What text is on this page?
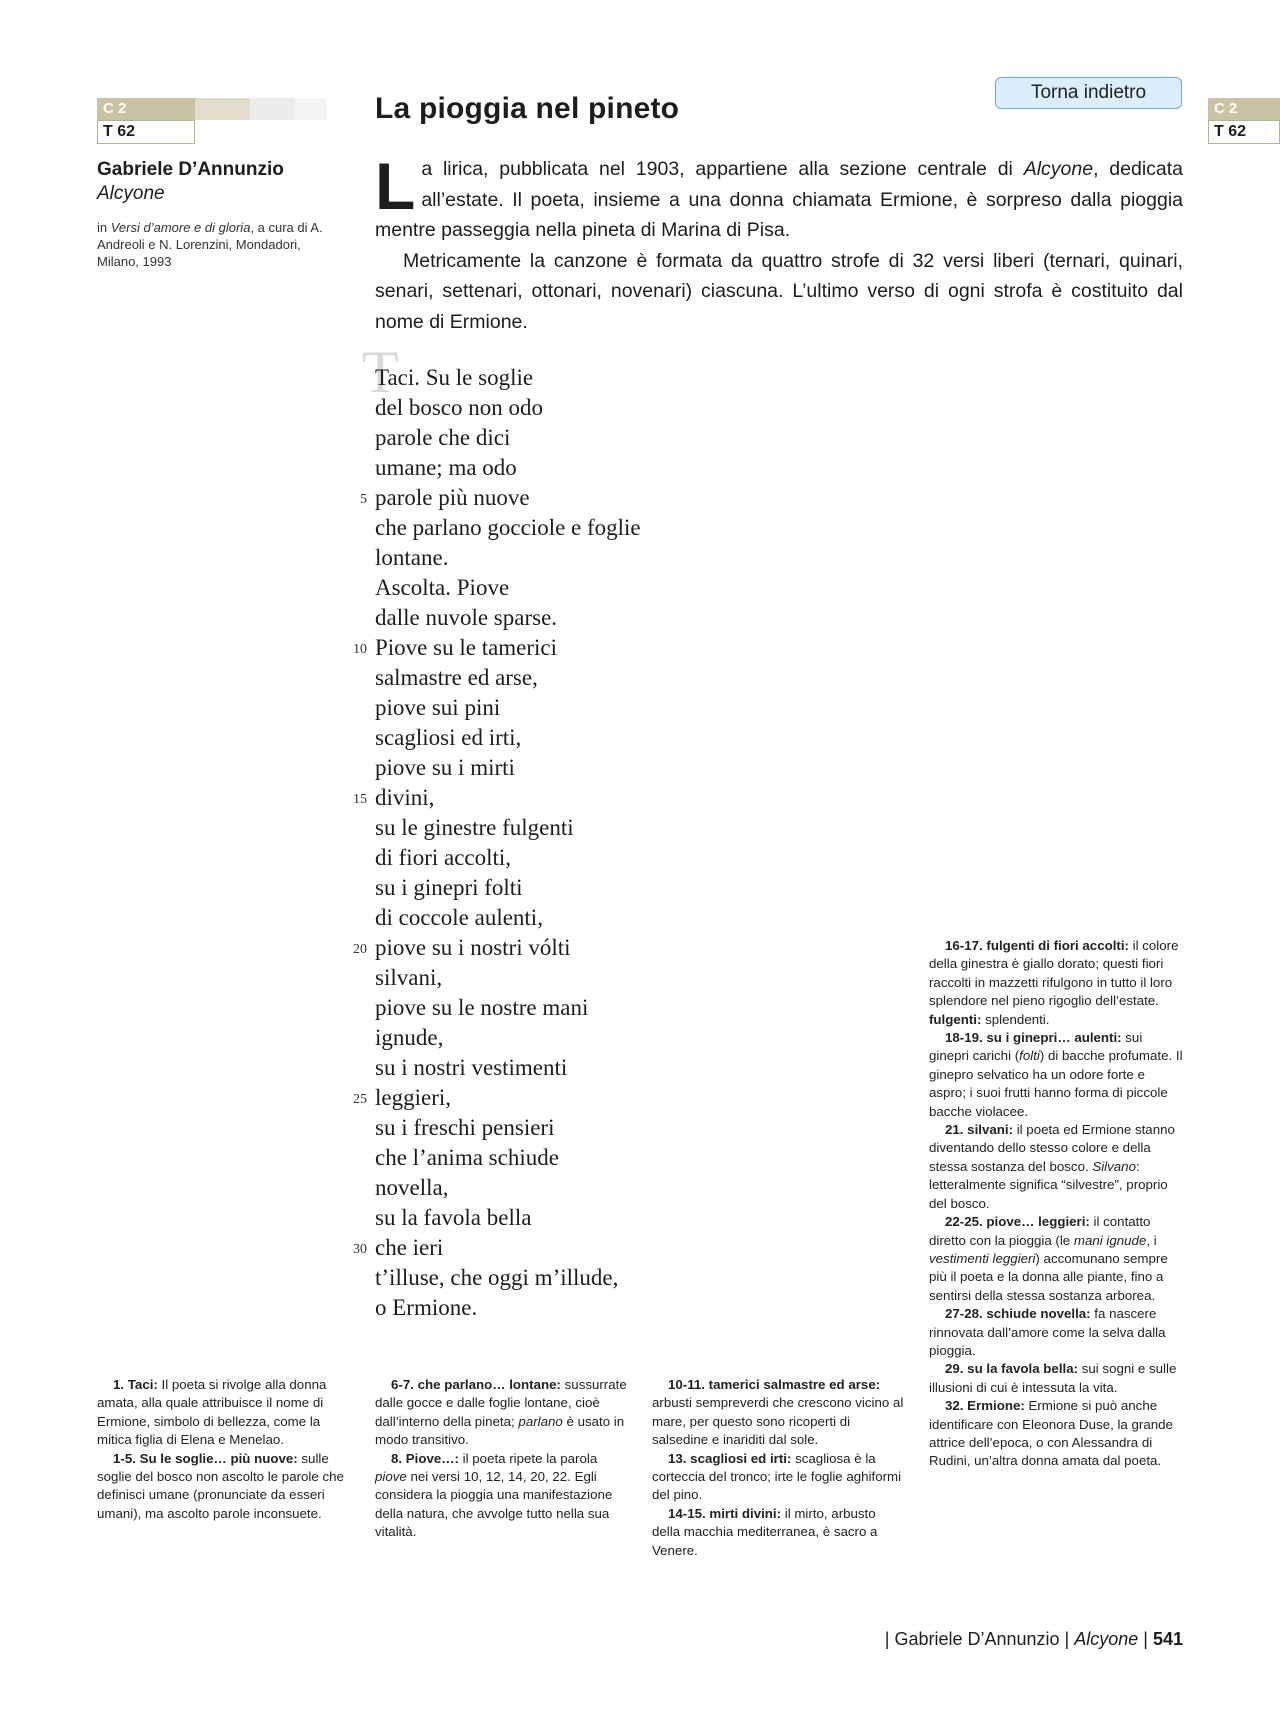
C 2
T 62
C 2
T 62
Gabriele D’Annunzio
Alcyone
in Versi d’amore e di gloria, a cura di A. Andreoli e N. Lorenzini, Mondadori, Milano, 1993
La pioggia nel pineto	Torna indietro

La lirica, pubblicata nel 1903, appartiene alla sezione centrale di Alcyone, dedicata all’estate. Il poeta, insieme a una donna chiamata Ermione, è sorpreso dalla pioggia mentre passeggia nella pineta di Marina di Pisa.

Metricamente la canzone è formata da quattro strofe di 32 versi liberi (ternari, quinari, senari, settenari, ottonari, novenari) ciascuna. L’ultimo verso di ogni strofa è costituito dal nome di Ermione.

T
Taci. Su le soglie
del bosco non odo
parole che dici
umane; ma odo
5 parole più nuove
che parlano gocciole e foglie
lontane.
Ascolta. Piove
dalle nuvole sparse.
10 Piove su le tamerici
salmastre ed arse,
piove sui pini
scagliosi ed irti,
piove su i mirti
15 divini,
su le ginestre fulgenti
di fiori accolti,
su i ginepri folti
di coccole aulenti,
20 piove su i nostri vólti
silvani,
piove su le nostre mani
ignude,
su i nostri vestimenti
25 leggieri,
su i freschi pensieri
che l’anima schiude
novella,
su la favola bella
30 che ieri
t’illuse, che oggi m’illude,
o Ermione.

1. Taci: Il poeta si rivolge alla donna amata, alla quale attribuisce il nome di Ermione, simbolo di bellezza, come la mitica figlia di Elena e Menelao.

1-5. Su le soglie… più nuove: sulle soglie del bosco non ascolto le parole che definisci umane (pronunciate da esseri umani), ma ascolto parole inconsuete.

6-7. che parlano… lontane: sussurrate dalle gocce e dalle foglie lontane, cioè dall’interno della pineta; parlano è usato in modo transitivo.

8. Piove…: il poeta ripete la parola piove nei versi 10, 12, 14, 20, 22. Egli considera la pioggia una manifestazione della natura, che avvolge tutto nella sua vitalità.

10-11. tamerici salmastre ed arse: arbusti sempreverdi che crescono vicino al mare, per questo sono ricoperti di salsedine e inariditi dal sole.

13. scagliosi ed irti: scagliosa è la corteccia del tronco; irte le foglie aghiformi del pino.

14-15. mirti divini: il mirto, arbusto della macchia mediterranea, è sacro a Venere.

16-17. fulgenti di fiori accolti: il colore della ginestra è giallo dorato; questi fiori raccolti in mazzetti rifulgono in tutto il loro splendore nel pieno rigoglio dell’estate. fulgenti: splendenti.

18-19. su i ginepri… aulenti: sui ginepri carichi (folti) di bacche profumate. Il ginepro selvatico ha un odore forte e aspro; i suoi frutti hanno forma di piccole bacche violacee.

21. silvani: il poeta ed Ermione stanno diventando dello stesso colore e della stessa sostanza del bosco. Silvano: letteralmente significa “silvestre”, proprio del bosco.

22-25. piove… leggieri: il contatto diretto con la pioggia (le mani ignude, i vestimenti leggieri) accomunano sempre più il poeta e la donna alle piante, fino a sentirsi della stessa sostanza arborea.

27-28. schiude novella: fa nascere rinnovata dall’amore come la selva dalla pioggia.

29. su la favola bella: sui sogni e sulle illusioni di cui è intessuta la vita.

32. Ermione: Ermione si può anche identificare con Eleonora Duse, la grande attrice dell’epoca, o con Alessandra di Rudini, un’altra donna amata dal poeta.

| Gabriele D’Annunzio | Alcyone | 541
